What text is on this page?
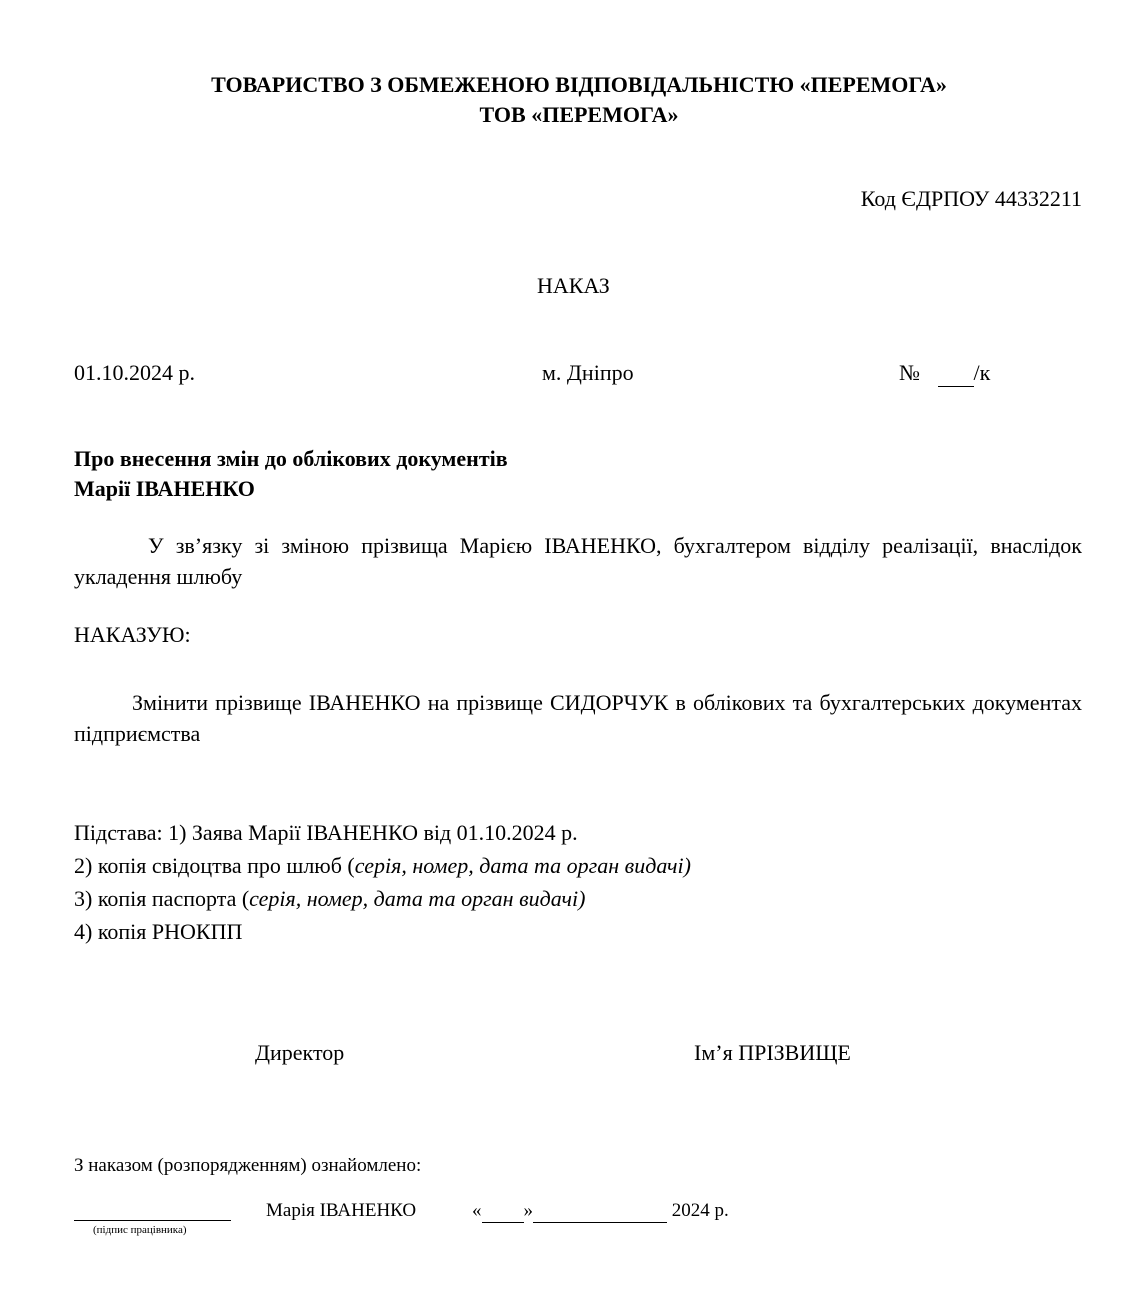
ТОВАРИСТВО З ОБМЕЖЕНОЮ ВІДПОВІДАЛЬНІСТЮ «ПЕРЕМОГА»
ТОВ «ПЕРЕМОГА»
Код ЄДРПОУ 44332211
НАКАЗ
01.10.2024 р.	м. Дніпро	№ /к
Про внесення змін до облікових документів
Марії ІВАНЕНКО
У зв’язку зі зміною прізвища Марією ІВАНЕНКО, бухгалтером відділу реалізації, внаслідок укладення шлюбу
НАКАЗУЮ:
Змінити прізвище ІВАНЕНКО на прізвище СИДОРЧУК в облікових та бухгалтерських документах підприємства
Підстава: 1) Заява Марії ІВАНЕНКО від 01.10.2024 р.
2) копія свідоцтва про шлюб (серія, номер, дата та орган видачі)
3) копія паспорта (серія, номер, дата та орган видачі)
4) копія РНОКПП
Директор	Ім’я ПРІЗВИЩЕ
З наказом (розпорядженням) ознайомлено:
(підпис працівника)
Марія ІВАНЕНКО	« »	2024 р.
